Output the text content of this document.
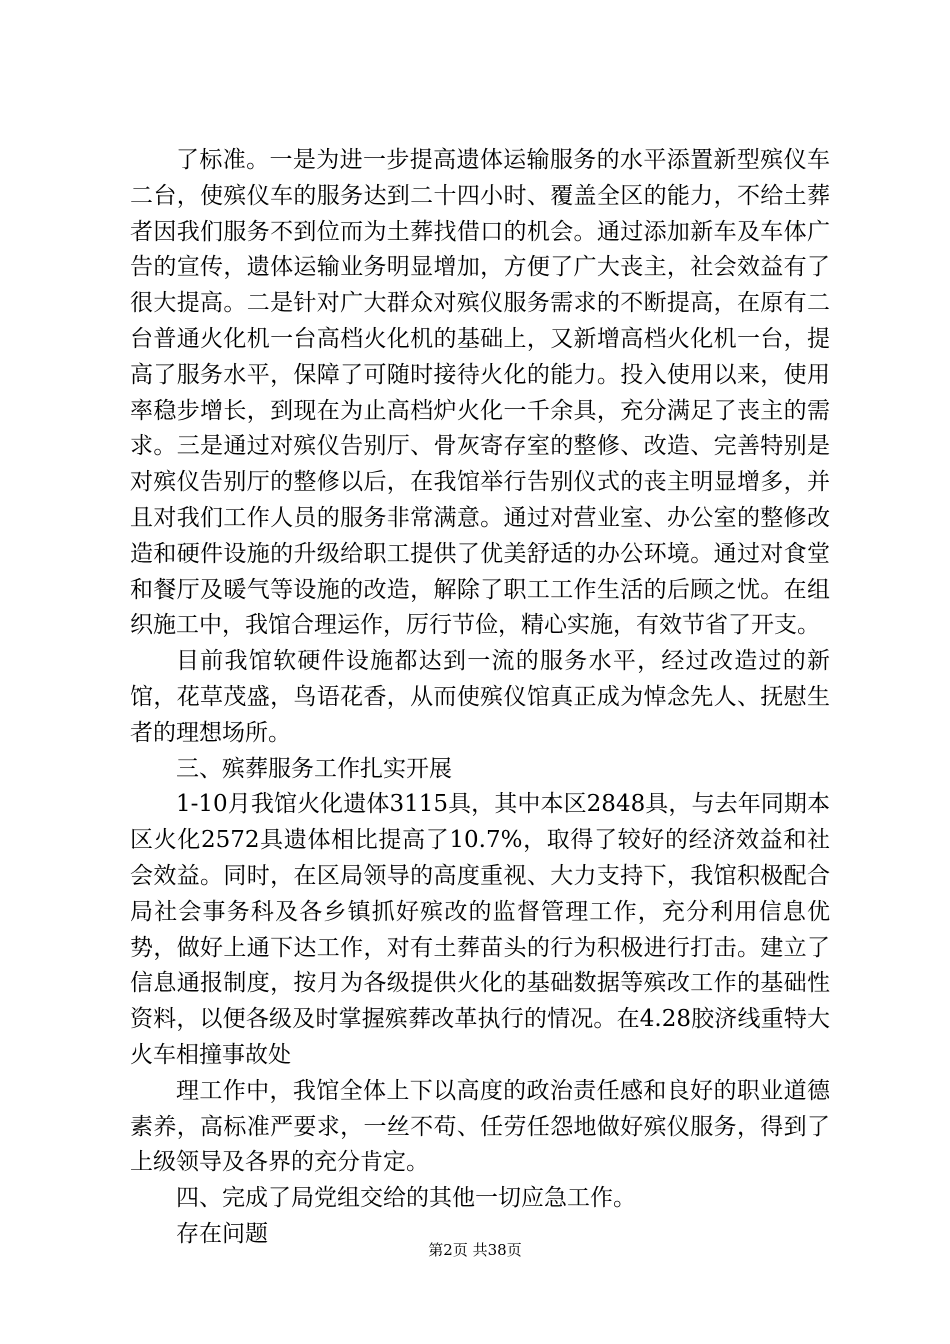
了标准。一是为进一步提高遗体运输服务的水平添置新型殡仪车二台，使殡仪车的服务达到二十四小时、覆盖全区的能力，不给土葬者因我们服务不到位而为土葬找借口的机会。通过添加新车及车体广告的宣传，遗体运输业务明显增加，方便了广大丧主，社会效益有了很大提高。二是针对广大群众对殡仪服务需求的不断提高，在原有二台普通火化机一台高档火化机的基础上，又新增高档火化机一台，提高了服务水平，保障了可随时接待火化的能力。投入使用以来，使用率稳步增长，到现在为止高档炉火化一千余具，充分满足了丧主的需求。三是通过对殡仪告别厅、骨灰寄存室的整修、改造、完善特别是对殡仪告别厅的整修以后，在我馆举行告别仪式的丧主明显增多，并且对我们工作人员的服务非常满意。通过对营业室、办公室的整修改造和硬件设施的升级给职工提供了优美舒适的办公环境。通过对食堂和餐厅及暖气等设施的改造，解除了职工工作生活的后顾之忧。在组织施工中，我馆合理运作，厉行节俭，精心实施，有效节省了开支。

目前我馆软硬件设施都达到一流的服务水平，经过改造过的新馆，花草茂盛，鸟语花香，从而使殡仪馆真正成为悼念先人、抚慰生者的理想场所。

三、殡葬服务工作扎实开展

1-10月我馆火化遗体3115具，其中本区2848具，与去年同期本区火化2572具遗体相比提高了10.7%，取得了较好的经济效益和社会效益。同时，在区局领导的高度重视、大力支持下，我馆积极配合局社会事务科及各乡镇抓好殡改的监督管理工作，充分利用信息优势，做好上通下达工作，对有土葬苗头的行为积极进行打击。建立了信息通报制度，按月为各级提供火化的基础数据等殡改工作的基础性资料，以便各级及时掌握殡葬改革执行的情况。在4.28胶济线重特大火车相撞事故处

理工作中，我馆全体上下以高度的政治责任感和良好的职业道德素养，高标准严要求，一丝不苟、任劳任怨地做好殡仪服务，得到了上级领导及各界的充分肯定。

四、完成了局党组交给的其他一切应急工作。

存在问题

第2页 共38页
